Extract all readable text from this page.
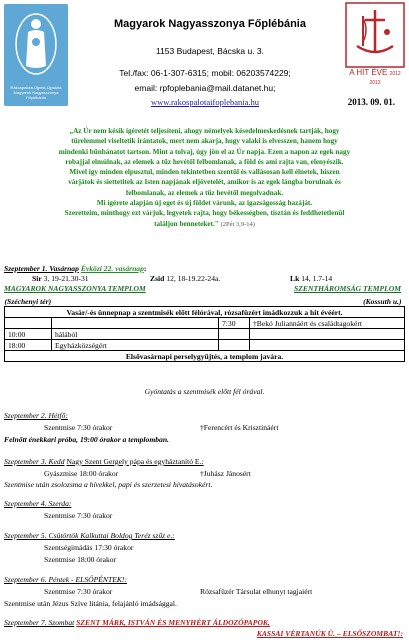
Rákospalota-Újpest-Újpalota Magyarok Nagyasszonya Főplébánia
A HIT ÉVE 2012 2013
Magyarok Nagyasszonya Főplébánia
1153 Budapest, Bácska u. 3.
Tel./fax: 06-1-307-6315; mobil: 06203574229;
email: rpfoplebania@mail.datanet.hu;
www.rakospalotaifoplebania.hu	2013. 09. 01.
„Az Úr nem késik ígéretét teljesíteni, ahogy némelyek késedelmeskedésnek tartják, hogy
türelemmel viseltetik irántatok, mert nem akarja, hogy valaki is elvesszen, hanem hogy
mindenki bűnbánatot tartson. Mint a tolvaj, úgy jön el az Úr napja. Ezen a napon az egek nagy
robajjal elmúlnak, az elemek a tűz hevétől felbomlanak, a föld és ami rajta van, elenyészik.
Mivel így minden elpusztul, minden tekintetben szentül és vallásosan kell élnetek, hiszen
várjátok és siettetitek az Isten napjának eljövetelét, amikor is az egek lángba borulnak és
felbomlanak, az elemek a tűz hevétől megolvadnak.
Mi ígérete alapján új eget és új földet várunk, az igazságosság hazáját.
Szeretteim, minthogy ezt várjuk, legyetek rajta, hogy békességben, tisztán és feddhetetlenül
találjon benneteket." (2Pét 3,9-14)
Szeptember 1. Vasárnap Évközi 22. vasárnap:
Sir 3, 19-21.30-31	Zsid 12, 18-19.22-24a.	Lk 14, 1.7-14
MAGYAROK NAGYASSZONYA TEMPLOM	SZENTHÁROMSÁG TEMPLOM
(Széchenyi tér)		(Kossuth u.)	
Vasár/-és ünnepnap a szentmisék előtt félórával, rózsafüzért imádkozzuk a hit évéért.			
		7:30	†Bekó Juliannáért és családtagokért
10:00	hálából		
18:00	Egyházközségért		
Elsővasárnapi perselygyűjtés, a templom javára.			
Gyóntatás a szentmisék előtt fél órával.
Szeptember 2. Hétfő:
Szentmise 7:30 órakor	†Ferencért és Krisztináért
Felnőtt énekkari próba, 19:00 órakor a templomban.
Szeptember 3. Kedd Nagy Szent Gergely pápa és egyháztanító E.:
Gyászmise 18:00 órakor	†Juhász Jánosért
Szentmise után zsolozsma a hívekkel, papi és szerzetesi hivatásokért.
Szeptember 4. Szerda:
Szentmise 7:30 órakor
Szeptember 5. Csütörtök Kalkuttai Boldog Teréz szűz e.:
Szentségimádás 17:30 órakor
Szentmise 18:00 órakor
Szeptember 6. Péntek - ELSŐPÉNTEK!:
Szentmise 7:30 órakor	Rózsafüzér Társulat elhunyt tagjaiért
Szentmise után Jézus Szíve litánia, felajánló imádsággal.
Szeptember 7. Szombat SZENT MÁRK, ISTVÁN ÉS MENYHÉRT ÁLDOZÓPAPOK,
KASSAI VÉRTANÚK Ü. – ELSŐSZOMBAT!:
